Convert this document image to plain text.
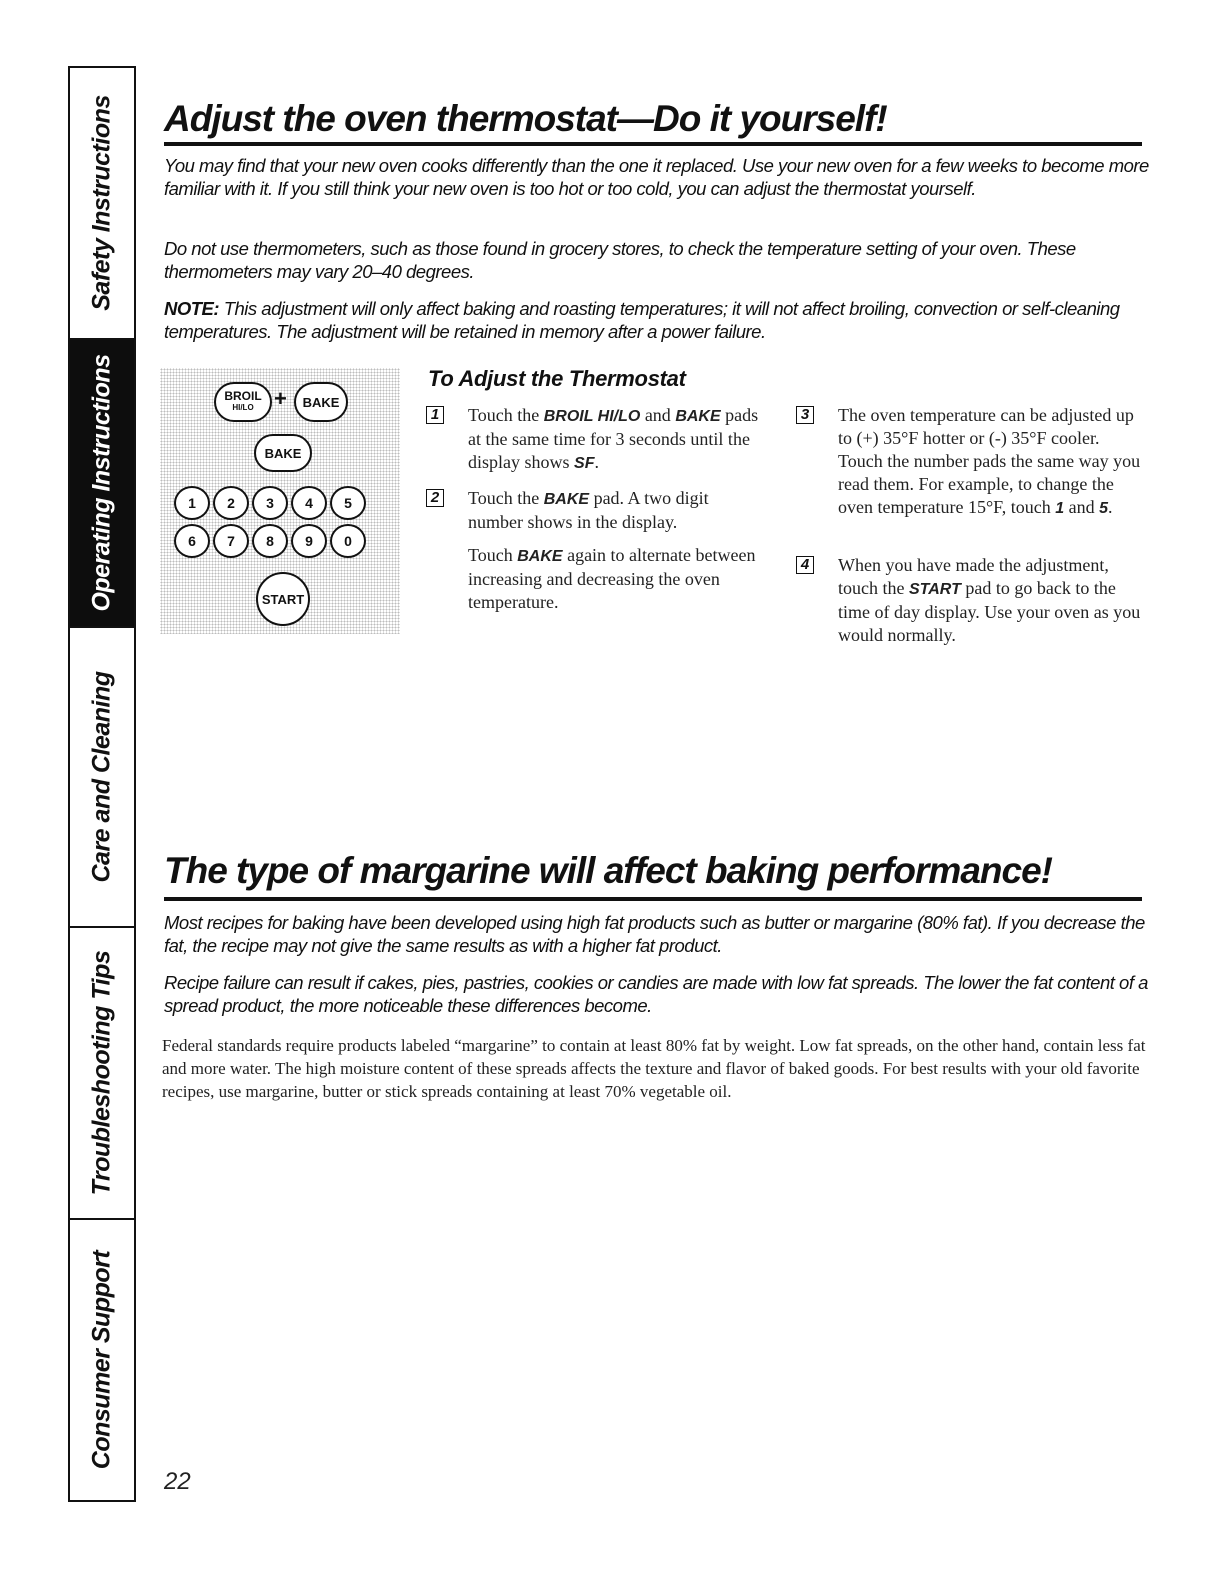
Safety Instructions
Operating Instructions
Care and Cleaning
Troubleshooting Tips
Consumer Support
Adjust the oven thermostat—Do it yourself!

You may find that your new oven cooks differently than the one it replaced. Use your new oven for a few weeks to become more familiar with it. If you still think your new oven is too hot or too cold, you can adjust the thermostat yourself.

Do not use thermometers, such as those found in grocery stores, to check the temperature setting of your oven. These thermometers may vary 20–40 degrees.

NOTE: This adjustment will only affect baking and roasting temperatures; it will not affect broiling, convection or self-cleaning temperatures. The adjustment will be retained in memory after a power failure.

BROIL
HI/LO +	BAKE
BAKE
1	2	3	4	5
6	7	8	9	0
START
To Adjust the Thermostat
1 Touch the BROIL HI/LO and BAKE pads at the same time for 3 seconds until the display shows SF.

2 Touch the BAKE pad. A two digit number shows in the display.

Touch BAKE again to alternate between increasing and decreasing the oven temperature.

3 The oven temperature can be adjusted up to (+) 35°F hotter or (-) 35°F cooler. Touch the number pads the same way you read them. For example, to change the oven temperature 15°F, touch 1 and 5.

4 When you have made the adjustment, touch the START pad to go back to the time of day display. Use your oven as you would normally.

The type of margarine will affect baking performance!

Most recipes for baking have been developed using high fat products such as butter or margarine (80% fat). If you decrease the fat, the recipe may not give the same results as with a higher fat product.

Recipe failure can result if cakes, pies, pastries, cookies or candies are made with low fat spreads. The lower the fat content of a spread product, the more noticeable these differences become.

Federal standards require products labeled “margarine” to contain at least 80% fat by weight. Low fat spreads, on the other hand, contain less fat and more water. The high moisture content of these spreads affects the texture and flavor of baked goods. For best results with your old favorite recipes, use margarine, butter or stick spreads containing at least 70% vegetable oil.

22
